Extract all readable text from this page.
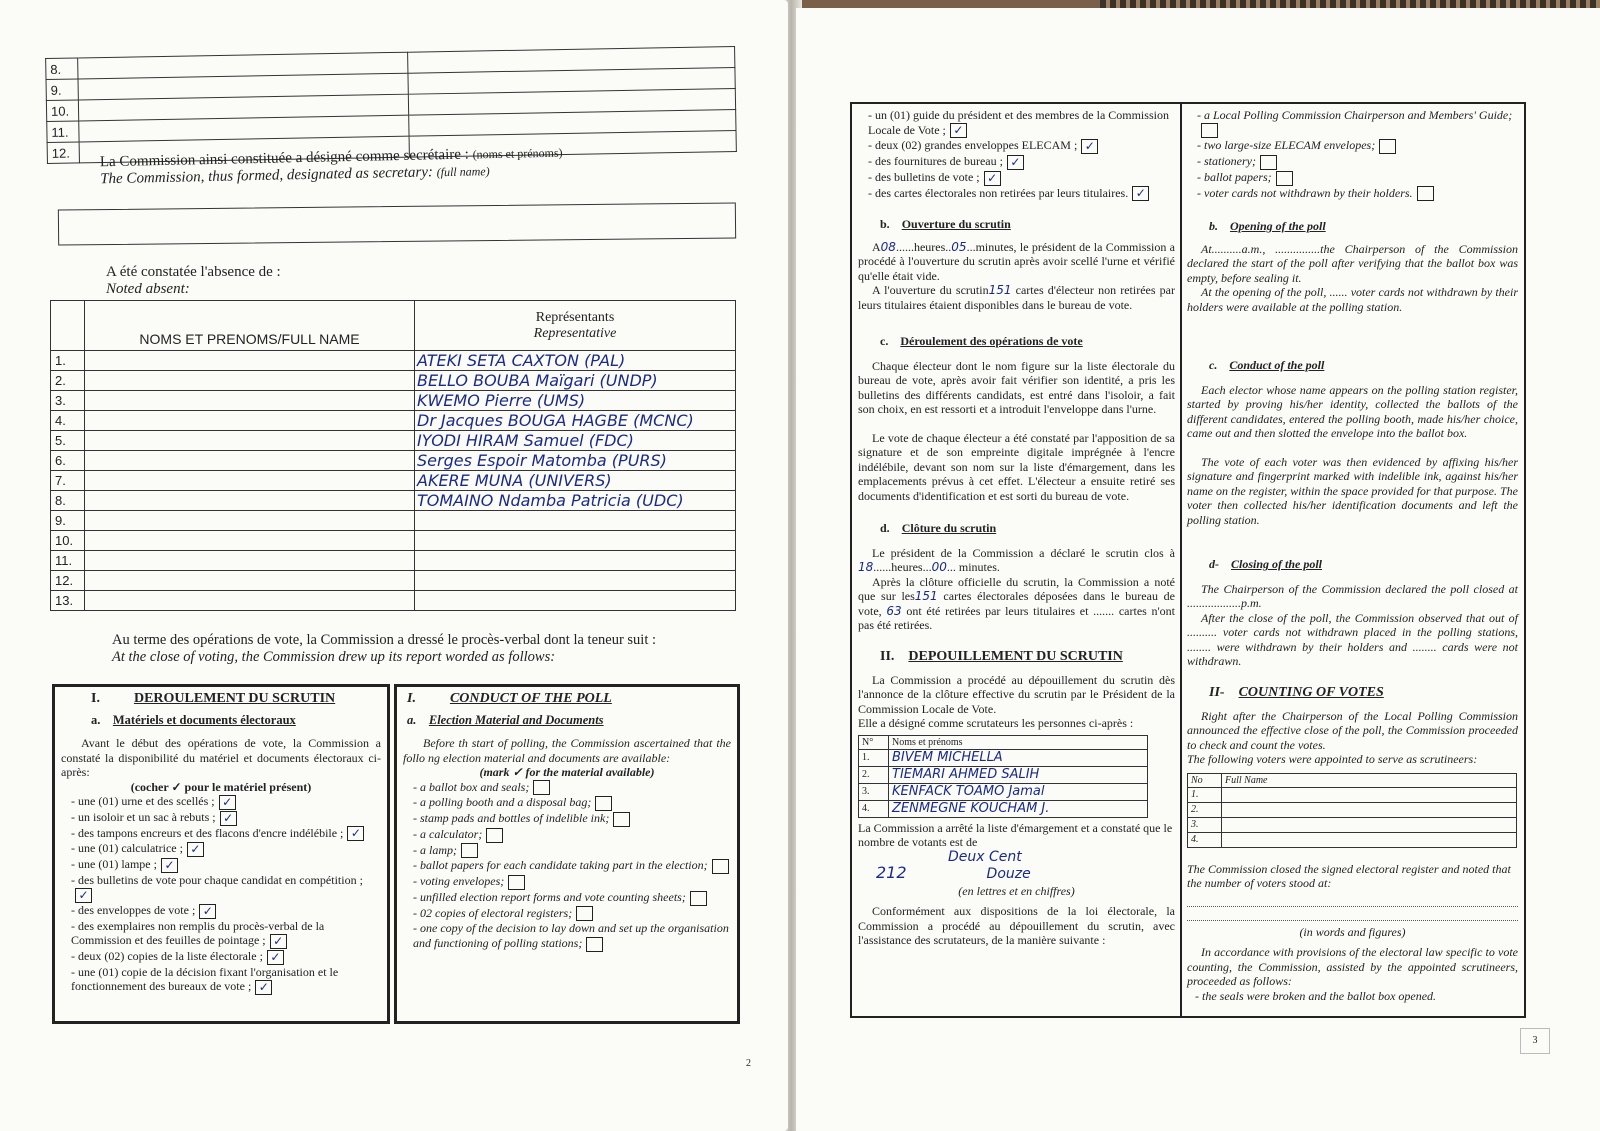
8.		
9.		
10.		
11.		
12.		La Commission ainsi constituée a désigné comme secrétaire : (noms et prénoms)

The Commission, thus formed, designated as secretary: (full name)

A été constatée l'absence de :

Noted absent:

	NOMS ET PRENOMS/FULL NAME	Représentants
Representative

1.		ATEKI SETA CAXTON (PAL)
2.		BELLO BOUBA Maïgari (UNDP)
3.		KWEMO Pierre (UMS)
4.		Dr Jacques BOUGA HAGBE (MCNC)
5.		IYODI HIRAM Samuel (FDC)
6.		Serges Espoir Matomba (PURS)
7.		AKERE MUNA (UNIVERS)
8.		TOMAINO Ndamba Patricia (UDC)
9.		
10.		
11.		
12.		
13.		

Au terme des opérations de vote, la Commission a dressé le procès-verbal dont la teneur suit :

At the close of voting, the Commission drew up its report worded as follows:

I. DEROULEMENT DU SCRUTIN
a. Matériels et documents électoraux

Avant le début des opérations de vote, la Commission a constaté la disponibilité du matériel et documents électoraux ci-après:

(cocher ✓ pour le matériel présent)

- une (01) urne et des scellés ; ✓
- un isoloir et un sac à rebuts ; ✓
- des tampons encreurs et des flacons d'encre indélébile ; ✓
- une (01) calculatrice ; ✓
- une (01) lampe ; ✓
- des bulletins de vote pour chaque candidat en compétition ;✓
- des enveloppes de vote ; ✓
- des exemplaires non remplis du procès-verbal de la Commission et des feuilles de pointage ; ✓
- deux (02) copies de la liste électorale ; ✓
- une (01) copie de la décision fixant l'organisation et le fonctionnement des bureaux de vote ; ✓
I. CONDUCT OF THE POLL
a. Election Material and Documents

Before th start of polling, the Commission ascertained that the follo ng election material and documents are available:

(mark ✓ for the material available)

- a ballot box and seals;
- a polling booth and a disposal bag;
- stamp pads and bottles of indelible ink;
- a calculator;
- a lamp;
- ballot papers for each candidate taking part in the election;
- voting envelopes;
- unfilled election report forms and vote counting sheets;
- 02 copies of electoral registers;
- one copy of the decision to lay down and set up the organisation and functioning of polling stations;
2
- un (01) guide du président et des membres de la Commission Locale de Vote ; ✓
- deux (02) grandes enveloppes ELECAM ; ✓
- des fournitures de bureau ; ✓
- des bulletins de vote ; ✓
- des cartes électorales non retirées par leurs titulaires. ✓

b. Ouverture du scrutin

A08......heures..05...minutes, le président de la Commission a procédé à l'ouverture du scrutin après avoir scellé l'urne et vérifié qu'elle était vide.

A l'ouverture du scrutin151 cartes d'électeur non retirées par leurs titulaires étaient disponibles dans le bureau de vote.

c. Déroulement des opérations de vote

Chaque électeur dont le nom figure sur la liste électorale du bureau de vote, après avoir fait vérifier son identité, a pris les bulletins des différents candidats, est entré dans l'isoloir, a fait son choix, en est ressorti et a introduit l'enveloppe dans l'urne.

Le vote de chaque électeur a été constaté par l'apposition de sa signature et de son empreinte digitale imprégnée à l'encre indélébile, devant son nom sur la liste d'émargement, dans les emplacements prévus à cet effet. L'électeur a ensuite retiré ses documents d'identification et est sorti du bureau de vote.

d. Clôture du scrutin

Le président de la Commission a déclaré le scrutin clos à 18......heures...00... minutes.

Après la clôture officielle du scrutin, la Commission a noté que sur les151 cartes électorales déposées dans le bureau de vote, 63 ont été retirées par leurs titulaires et ....... cartes n'ont pas été retirées.

II. DEPOUILLEMENT DU SCRUTIN

La Commission a procédé au dépouillement du scrutin dès l'annonce de la clôture effective du scrutin par le Président de la Commission Locale de Vote.

Elle a désigné comme scrutateurs les personnes ci-après :

N°	Noms et prénoms
1.	BIVEM MICHELLA
2.	TIEMARI AHMED SALIH
3.	KENFACK TOAMO Jamal
4.	ZENMEGNE KOUCHAM J.

La Commission a arrêté la liste d'émargement et a constaté que le nombre de votants est de

Deux Cent

212	Douze

(en lettres et en chiffres)

Conformément aux dispositions de la loi électorale, la Commission a procédé au dépouillement du scrutin, avec l'assistance des scrutateurs, de la manière suivante :

- a Local Polling Commission Chairperson and Members' Guide;
- two large-size ELECAM envelopes;
- stationery;
- ballot papers;
- voter cards not withdrawn by their holders.

b. Opening of the poll

At..........a.m., ...............the Chairperson of the Commission declared the start of the poll after verifying that the ballot box was empty, before sealing it.

At the opening of the poll, ...... voter cards not withdrawn by their holders were available at the polling station.

c. Conduct of the poll

Each elector whose name appears on the polling station register, started by proving his/her identity, collected the ballots of the different candidates, entered the polling booth, made his/her choice, came out and then slotted the envelope into the ballot box.

The vote of each voter was then evidenced by affixing his/her signature and fingerprint marked with indelible ink, against his/her name on the register, within the space provided for that purpose. The voter then collected his/her identification documents and left the polling station.

d- Closing of the poll

The Chairperson of the Commission declared the poll closed at ..................p.m.

After the close of the poll, the Commission observed that out of .......... voter cards not withdrawn placed in the polling stations, ........ were withdrawn by their holders and ........ cards were not withdrawn.

II- COUNTING OF VOTES

Right after the Chairperson of the Local Polling Commission announced the effective close of the poll, the Commission proceeded to check and count the votes.

The following voters were appointed to serve as scrutineers:

No	Full Name
1.	
2.	
3.	
4.	

The Commission closed the signed electoral register and noted that the number of voters stood at:

(in words and figures)

In accordance with provisions of the electoral law specific to vote counting, the Commission, assisted by the appointed scrutineers, proceeded as follows:

- the seals were broken and the ballot box opened.

3
